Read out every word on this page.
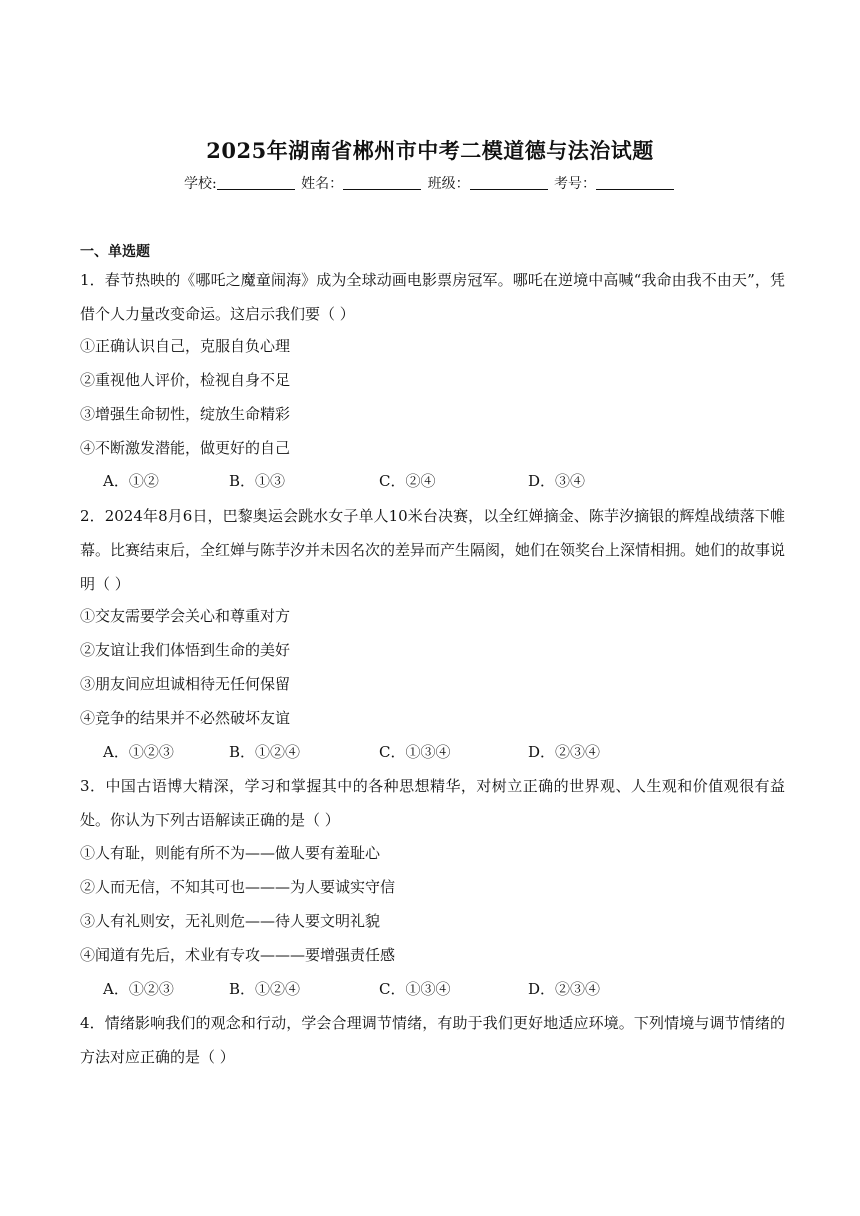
2025年湖南省郴州市中考二模道德与法治试题
学校:	姓名：	班级：	考号：
一、单选题
1．春节热映的《哪吒之魔童闹海》成为全球动画电影票房冠军。哪吒在逆境中高喊“我命由我不由天”，凭借个人力量改变命运。这启示我们要（ ）
①正确认识自己，克服自负心理
②重视他人评价，检视自身不足
③增强生命韧性，绽放生命精彩
④不断激发潜能，做更好的自己
A．①②	B．①③	C．②④	D．③④
2．2024年8月6日，巴黎奥运会跳水女子单人10米台决赛，以全红婵摘金、陈芋汐摘银的辉煌战绩落下帷幕。比赛结束后，全红婵与陈芋汐并未因名次的差异而产生隔阂，她们在领奖台上深情相拥。她们的故事说明（ ）
①交友需要学会关心和尊重对方
②友谊让我们体悟到生命的美好
③朋友间应坦诚相待无任何保留
④竞争的结果并不必然破坏友谊
A．①②③	B．①②④	C．①③④	D．②③④
3．中国古语博大精深，学习和掌握其中的各种思想精华，对树立正确的世界观、人生观和价值观很有益处。你认为下列古语解读正确的是（ ）
①人有耻，则能有所不为——做人要有羞耻心
②人而无信，不知其可也———为人要诚实守信
③人有礼则安，无礼则危——待人要文明礼貌
④闻道有先后，术业有专攻———要增强责任感
A．①②③	B．①②④	C．①③④	D．②③④
4．情绪影响我们的观念和行动，学会合理调节情绪，有助于我们更好地适应环境。下列情境与调节情绪的方法对应正确的是（ ）
